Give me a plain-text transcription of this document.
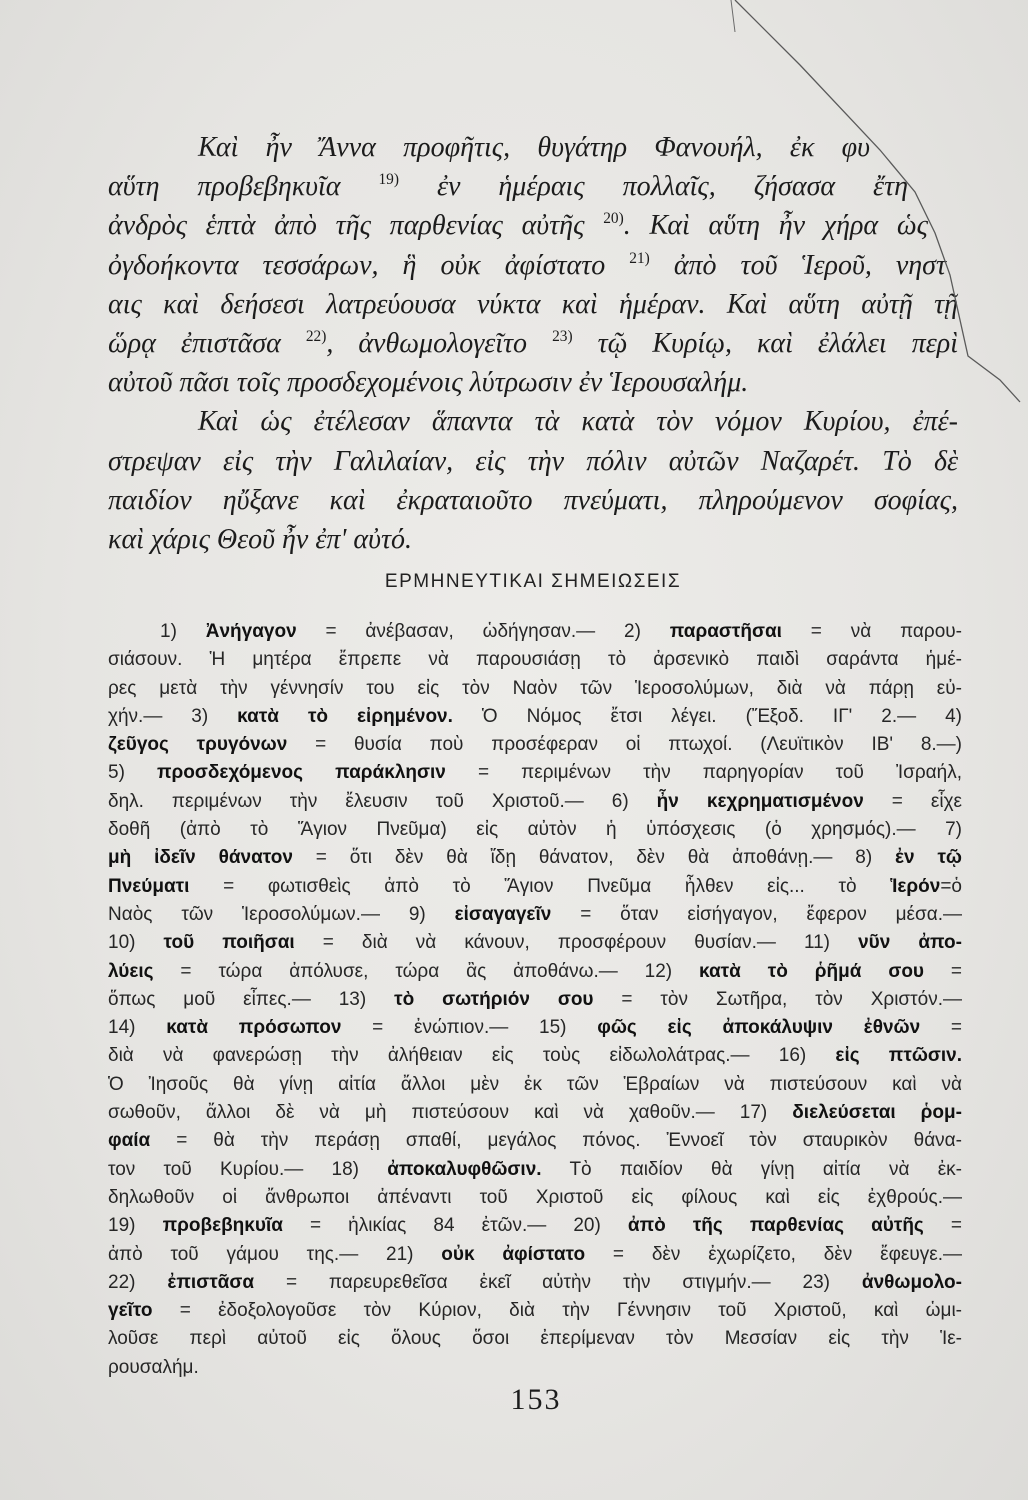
Καὶ ἦν Ἄννα προφῆτις, θυγάτηρ Φανουήλ, ἐκ φυ
αὕτη προβεβηκυῖα $^{19)}$ ἐν ἡμέραις πολλαῖς, ζήσασα ἔτη
ἀνδρὸς ἑπτὰ ἀπὸ τῆς παρθενίας αὐτῆς $^{20)}$. Καὶ αὕτη ἦν χήρα ὡς
ὀγδοήκοντα τεσσάρων, ἣ οὐκ ἀφίστατο $^{21)}$ ἀπὸ τοῦ Ἱεροῦ, νηστ
αις καὶ δεήσεσι λατρεύουσα νύκτα καὶ ἡμέραν. Καὶ αὕτη αὐτῇ τῇ
ὥρᾳ ἐπιστᾶσα $^{22)}$, ἀνθωμολογεῖτο $^{23)}$ τῷ Κυρίῳ, καὶ ἐλάλει περὶ
αὐτοῦ πᾶσι τοῖς προσδεχομένοις λύτρωσιν ἐν Ἱερουσαλήμ.
Καὶ ὡς ἐτέλεσαν ἅπαντα τὰ κατὰ τὸν νόμον Κυρίου, ἐπέ-
στρεψαν εἰς τὴν Γαλιλαίαν, εἰς τὴν πόλιν αὐτῶν Ναζαρέτ. Τὸ δὲ
παιδίον ηὔξανε καὶ ἐκραταιοῦτο πνεύματι, πληρούμενον σοφίας,
καὶ χάρις Θεοῦ ἦν ἐπ' αὐτό.
ΕΡΜΗΝΕΥΤΙΚΑΙ ΣΗΜΕΙΩΣΕΙΣ
1) Ἀνήγαγον = ἀνέβασαν, ὡδήγησαν.— 2) παραστῆσαι = νὰ παρου-
σιάσουν. Ἡ μητέρα ἔπρεπε νὰ παρουσιάσῃ τὸ ἀρσενικὸ παιδὶ σαράντα ἡμέ-
ρες μετὰ τὴν γέννησίν του εἰς τὸν Ναὸν τῶν Ἱεροσολύμων, διὰ νὰ πάρῃ εὐ-
χήν.— 3) κατὰ τὸ εἰρημένον. Ὁ Νόμος ἔτσι λέγει. (Ἔξοδ. ΙΓ' 2.— 4)
ζεῦγος τρυγόνων = θυσία ποὺ προσέφεραν οἱ πτωχοί. (Λευϊτικὸν ΙΒ' 8.—)
5) προσδεχόμενος παράκλησιν = περιμένων τὴν παρηγορίαν τοῦ Ἰσραήλ,
δηλ. περιμένων τὴν ἔλευσιν τοῦ Χριστοῦ.— 6) ἦν κεχρηματισμένον = εἶχε
δοθῆ (ἀπὸ τὸ Ἅγιον Πνεῦμα) εἰς αὐτὸν ἡ ὑπόσχεσις (ὁ χρησμός).— 7)
μὴ ἰδεῖν θάνατον = ὅτι δὲν θὰ ἴδῃ θάνατον, δὲν θὰ ἀποθάνῃ.— 8) ἐν τῷ
Πνεύματι = φωτισθεὶς ἀπὸ τὸ Ἅγιον Πνεῦμα ἦλθεν εἰς... τὸ Ἱερόν=ὁ
Ναὸς τῶν Ἱεροσολύμων.— 9) εἰσαγαγεῖν = ὅταν εἰσήγαγον, ἔφερον μέσα.—
10) τοῦ ποιῆσαι = διὰ νὰ κάνουν, προσφέρουν θυσίαν.— 11) νῦν ἀπο-
λύεις = τώρα ἀπόλυσε, τώρα ἂς ἀποθάνω.— 12) κατὰ τὸ ῥῆμά σου =
ὅπως μοῦ εἶπες.— 13) τὸ σωτήριόν σου = τὸν Σωτῆρα, τὸν Χριστόν.—
14) κατὰ πρόσωπον = ἐνώπιον.— 15) φῶς εἰς ἀποκάλυψιν ἐθνῶν =
διὰ νὰ φανερώσῃ τὴν ἀλήθειαν εἰς τοὺς εἰδωλολάτρας.— 16) εἰς πτῶσιν.
Ὁ Ἰησοῦς θὰ γίνῃ αἰτία ἄλλοι μὲν ἐκ τῶν Ἑβραίων νὰ πιστεύσουν καὶ νὰ
σωθοῦν, ἄλλοι δὲ νὰ μὴ πιστεύσουν καὶ νὰ χαθοῦν.— 17) διελεύσεται ῥομ-
φαία = θὰ τὴν περάσῃ σπαθί, μεγάλος πόνος. Ἐννοεῖ τὸν σταυρικὸν θάνα-
τον τοῦ Κυρίου.— 18) ἀποκαλυφθῶσιν. Τὸ παιδίον θὰ γίνῃ αἰτία νὰ ἐκ-
δηλωθοῦν οἱ ἄνθρωποι ἀπέναντι τοῦ Χριστοῦ εἰς φίλους καὶ εἰς ἐχθρούς.—
19) προβεβηκυῖα = ἡλικίας 84 ἐτῶν.— 20) ἀπὸ τῆς παρθενίας αὐτῆς =
ἀπὸ τοῦ γάμου της.— 21) οὐκ ἀφίστατο = δὲν ἐχωρίζετο, δὲν ἔφευγε.—
22) ἐπιστᾶσα = παρευρεθεῖσα ἐκεῖ αὐτὴν τὴν στιγμήν.— 23) ἀνθωμολο-
γεῖτο = ἐδοξολογοῦσε τὸν Κύριον, διὰ τὴν Γέννησιν τοῦ Χριστοῦ, καὶ ὡμι-
λοῦσε περὶ αὐτοῦ εἰς ὅλους ὅσοι ἐπερίμεναν τὸν Μεσσίαν εἰς τὴν Ἱε-
ρουσαλήμ.
153
